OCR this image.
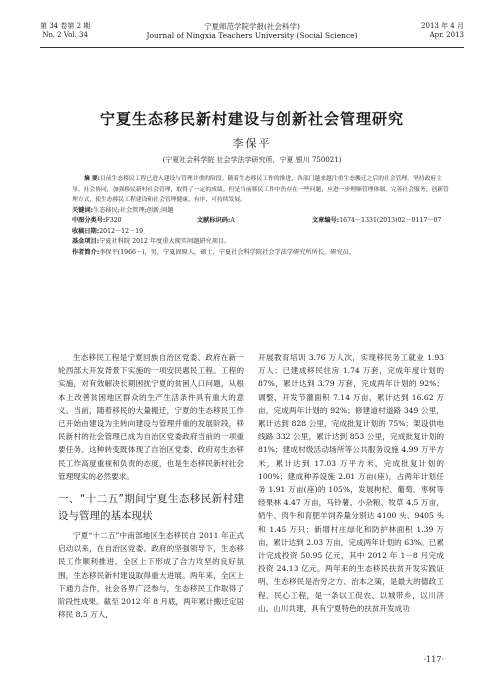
第 34 卷第 2 期
No. 2 Vol. 34
宁夏师范学院学报(社会科学)
Journal of Ningxia Teachers University (Social Science)
2013 年 4 月
Apr. 2013
宁夏生态移民新村建设与创新社会管理研究
李保平
(宁夏社会科学院 社会学法学研究所，宁夏 银川 750021)

摘 要:目前生态移民工程已进入建设与管理并重的阶段。随着生态移民工作的推进，各部门越来越注重生态搬迁之后的社会管理，坚持政府主导、社会协同，加强移民新村社会管理，取得了一定的成绩。但是当前移民工作中仍存在一些问题，应进一步理顺管理体制、完善社会服务、创新管理方式，使生态移民工程建设和社会管理健康、有序、可持续发展。

关键词:生态移民;社会管理;创新;问题

中图分类号:F320	文献标识码:A	文章编号:1674－1331(2013)02－0117－07

收稿日期:2012－12－19

基金项目:宁夏社科院 2012 年度重大现实问题研究项目。

作者简介:李保平(1966－)，男，宁夏固原人，硕士，宁夏社会科学院社会学法学研究所所长，研究员。

生态移民工程是宁夏回族自治区党委、政府在新一轮西部大开发背景下实施的一项安民惠民工程。工程的实施，对有效解决长期困扰宁夏的贫困人口问题，从根本上改善贫困地区群众的生产生活条件具有重大的意义。当前，随着移民的大量搬迁，宁夏的生态移民工作已开始由建设为主转向建设与管理并重的发展阶段，移民新村的社会管理已成为自治区党委政府当前的一项重要任务。这种转变既体现了自治区党委、政府对生态移民工作高度重视和负责的态度，也是生态移民新村社会管理现实的必然要求。

一、“十二五”期间宁夏生态移民新村建设与管理的基本现状

宁夏“十二五”中南部地区生态移民自 2011 年正式启动以来，在自治区党委、政府的坚强领导下，生态移民工作顺利推进，全区上下形成了合力攻坚的良好氛围，生态移民新村建设取得重大进展。两年来，全区上下通力合作，社会各界广泛参与，生态移民工作取得了阶段性成果。截至 2012 年 8 月底，两年累计搬迁定居移民 8.5 万人，

开展教育培训 3.76 万人次，实现移民务工就业 1.93 万人；已建成移民住房 1.74 万套，完成年度计划的 87%，累计达到 3.79 万套，完成两年计划的 92%；调整、开发节灌面积 7.14 万亩，累计达到 16.62 万亩，完成两年计划的 92%；修建道村道路 349 公里，累计达到 828 公里，完成批复计划的 75%；架设供电线路 332 公里，累计达到 853 公里，完成批复计划的 81%；建成村级活动场所等公共服务设施 4.99 万平方米，累计达到 17.03 万平方米，完成批复计划的 100%；建成种养设施 2.01 万亩(座)，占两年计划任务 1.91 万亩(座)的 105%，发展枸杞、葡萄、枣树等经果林 4.47 万亩，马铃薯、小杂粮、牧草 4.5 万亩，奶牛、肉牛和育肥羊饲养量分别达 4100 头、9405 头和 1.45 万只；新增村庄绿化和防护林面积 1.39 万亩，累计达到 2.03 万亩，完成两年计划的 63%。已累计完成投资 50.95 亿元，其中 2012 年 1－8 月完成投资 24.13 亿元。两年来的生态移民扶贫开发实践证明，生态移民是治穷之方、治本之策，是最大的德政工程、民心工程，是一条以工促农、以城带乡，以川济山、山川共建，具有宁夏特色的扶贫开发成功

·117·
